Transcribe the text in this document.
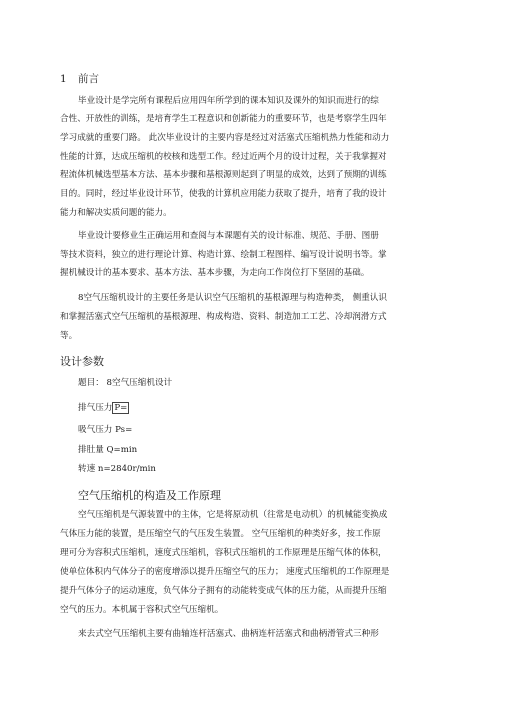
1 前言
毕业设计是学完所有课程后应用四年所学到的课本知识及课外的知识而进行的综
合性、开放性的训练，是培育学生工程意识和创新能力的重要环节，也是考察学生四年
学习成就的重要门路。 此次毕业设计的主要内容是经过对活塞式压缩机热力性能和动力
性能的计算，达成压缩机的校核和选型工作。经过近两个月的设计过程，关于我掌握对
程流体机械选型基本方法、基本步骤和基根源则起到了明显的成效，达到了预期的训练
目的。同时，经过毕业设计环节，使我的计算机应用能力获取了提升，培育了我的设计
能力和解决实质问题的能力。
毕业设计要修业生正确运用和查阅与本课题有关的设计标准、规范、手册、图册
等技术资料，独立的进行理论计算、构造计算、绘制工程图样、编写设计说明书等。掌
握机械设计的基本要求、基本方法、基本步骤，为走向工作岗位打下坚固的基础。
8空气压缩机设计的主要任务是认识空气压缩机的基根源理与构造种类， 侧重认识
和掌握活塞式空气压缩机的基根源理、构成构造、资料、制造加工工艺、冷却润滑方式
等。
设计参数
题目： 8空气压缩机设计
排气压力 P=
吸气压力 Ps=
排肚量 Q=min
转速 n=2840r/min
空气压缩机的构造及工作原理
空气压缩机是气源装置中的主体，它是将原动机（往常是电动机）的机械能变换成
气体压力能的装置，是压缩空气的气压发生装置。 空气压缩机的种类好多，按工作原
理可分为容积式压缩机，速度式压缩机，容积式压缩机的工作原理是压缩气体的体积，
使单位体积内气体分子的密度增添以提升压缩空气的压力； 速度式压缩机的工作原理是
提升气体分子的运动速度，负气体分子拥有的动能转变成气体的压力能，从而提升压缩
空气的压力。本机属于容积式空气压缩机。
来去式空气压缩机主要有曲轴连杆活塞式、曲柄连杆活塞式和曲柄滑管式三种形
